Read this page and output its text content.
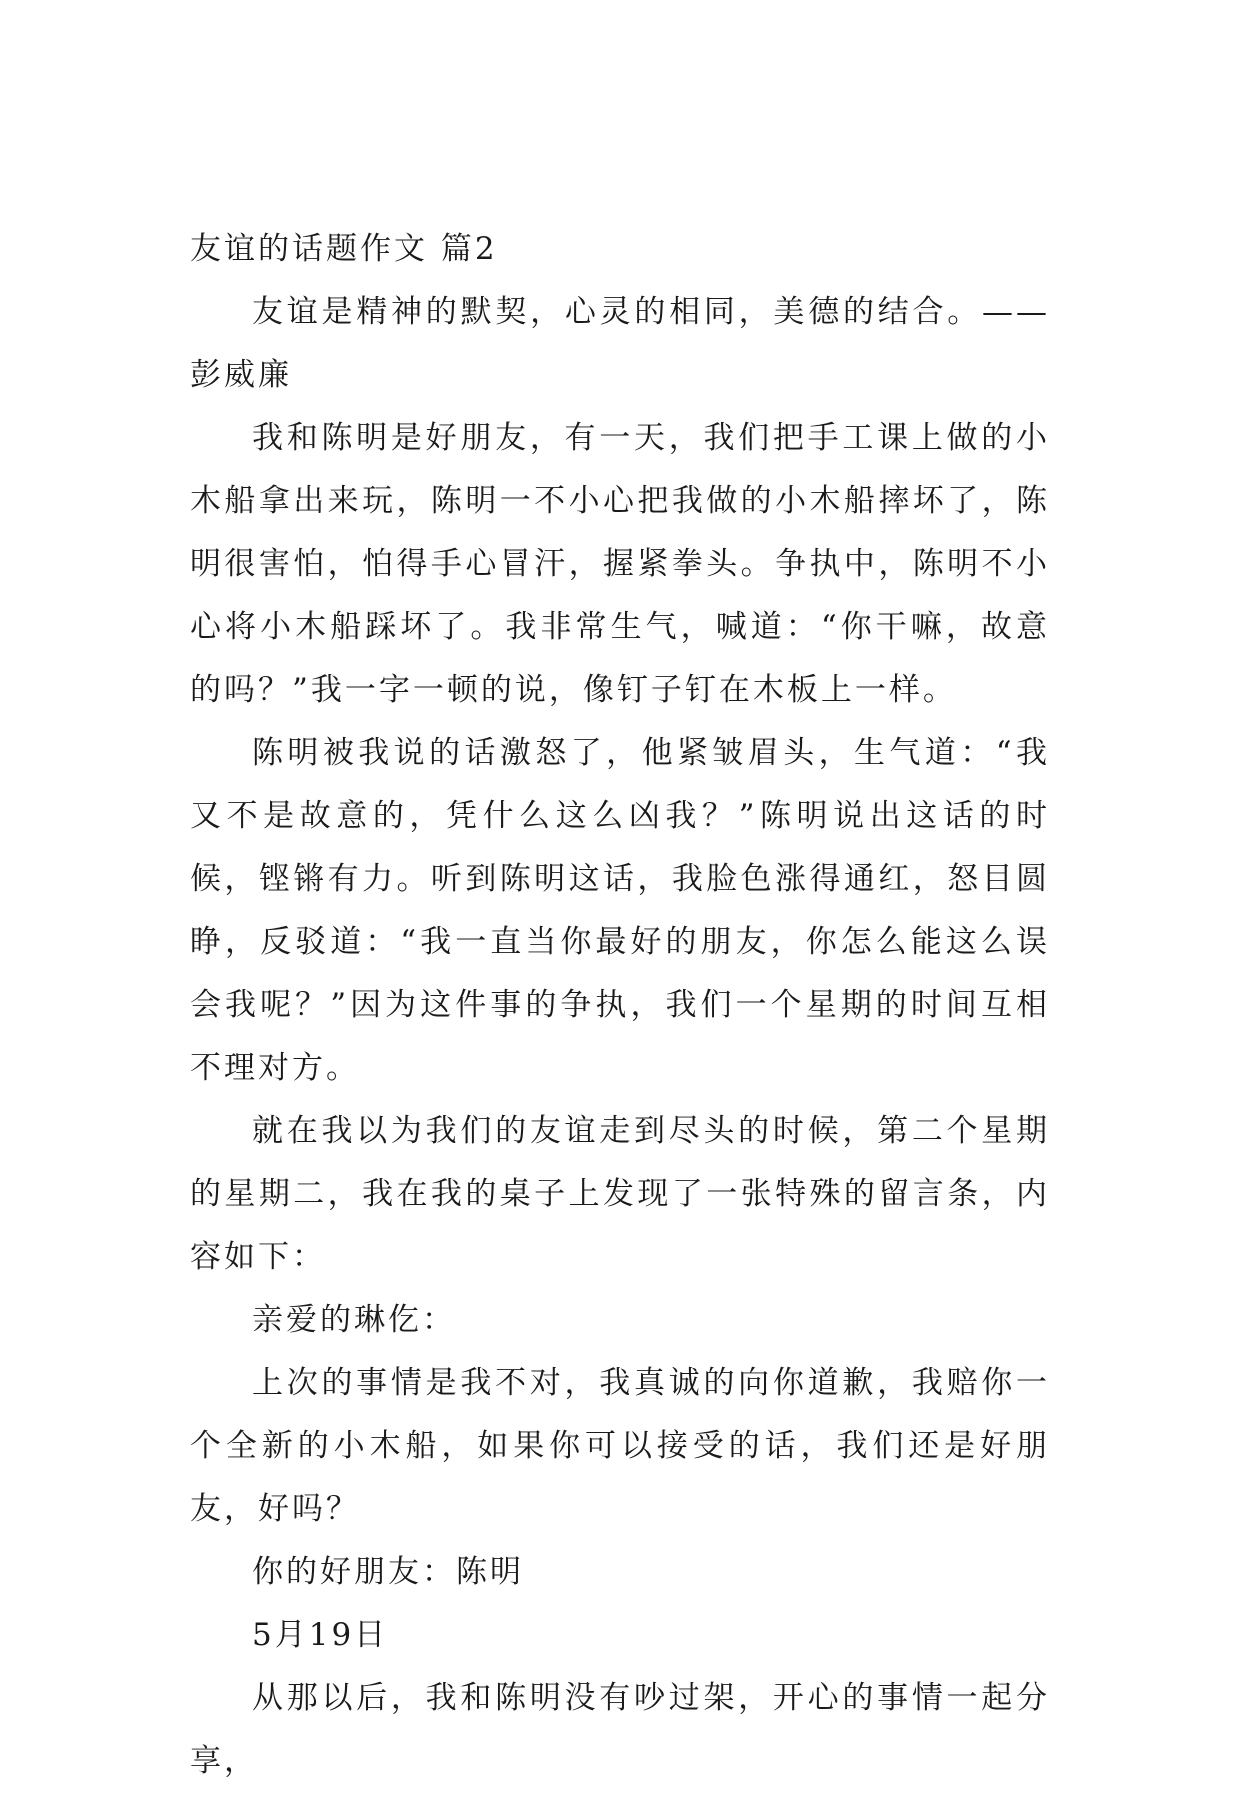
友谊的话题作文 篇2

友谊是精神的默契，心灵的相同，美德的结合。——彭威廉

我和陈明是好朋友，有一天，我们把手工课上做的小木船拿出来玩，陈明一不小心把我做的小木船摔坏了，陈明很害怕，怕得手心冒汗，握紧拳头。争执中，陈明不小心将小木船踩坏了。我非常生气，喊道：“你干嘛，故意的吗？”我一字一顿的说，像钉子钉在木板上一样。

陈明被我说的话激怒了，他紧皱眉头，生气道：“我又不是故意的，凭什么这么凶我？”陈明说出这话的时候，铿锵有力。听到陈明这话，我脸色涨得通红，怒目圆睁，反驳道：“我一直当你最好的朋友，你怎么能这么误会我呢？”因为这件事的争执，我们一个星期的时间互相不理对方。

就在我以为我们的友谊走到尽头的时候，第二个星期的星期二，我在我的桌子上发现了一张特殊的留言条，内容如下：

亲爱的琳仡：

上次的事情是我不对，我真诚的向你道歉，我赔你一个全新的小木船，如果你可以接受的话，我们还是好朋友，好吗？

你的好朋友：陈明

5月19日

从那以后，我和陈明没有吵过架，开心的事情一起分享，
